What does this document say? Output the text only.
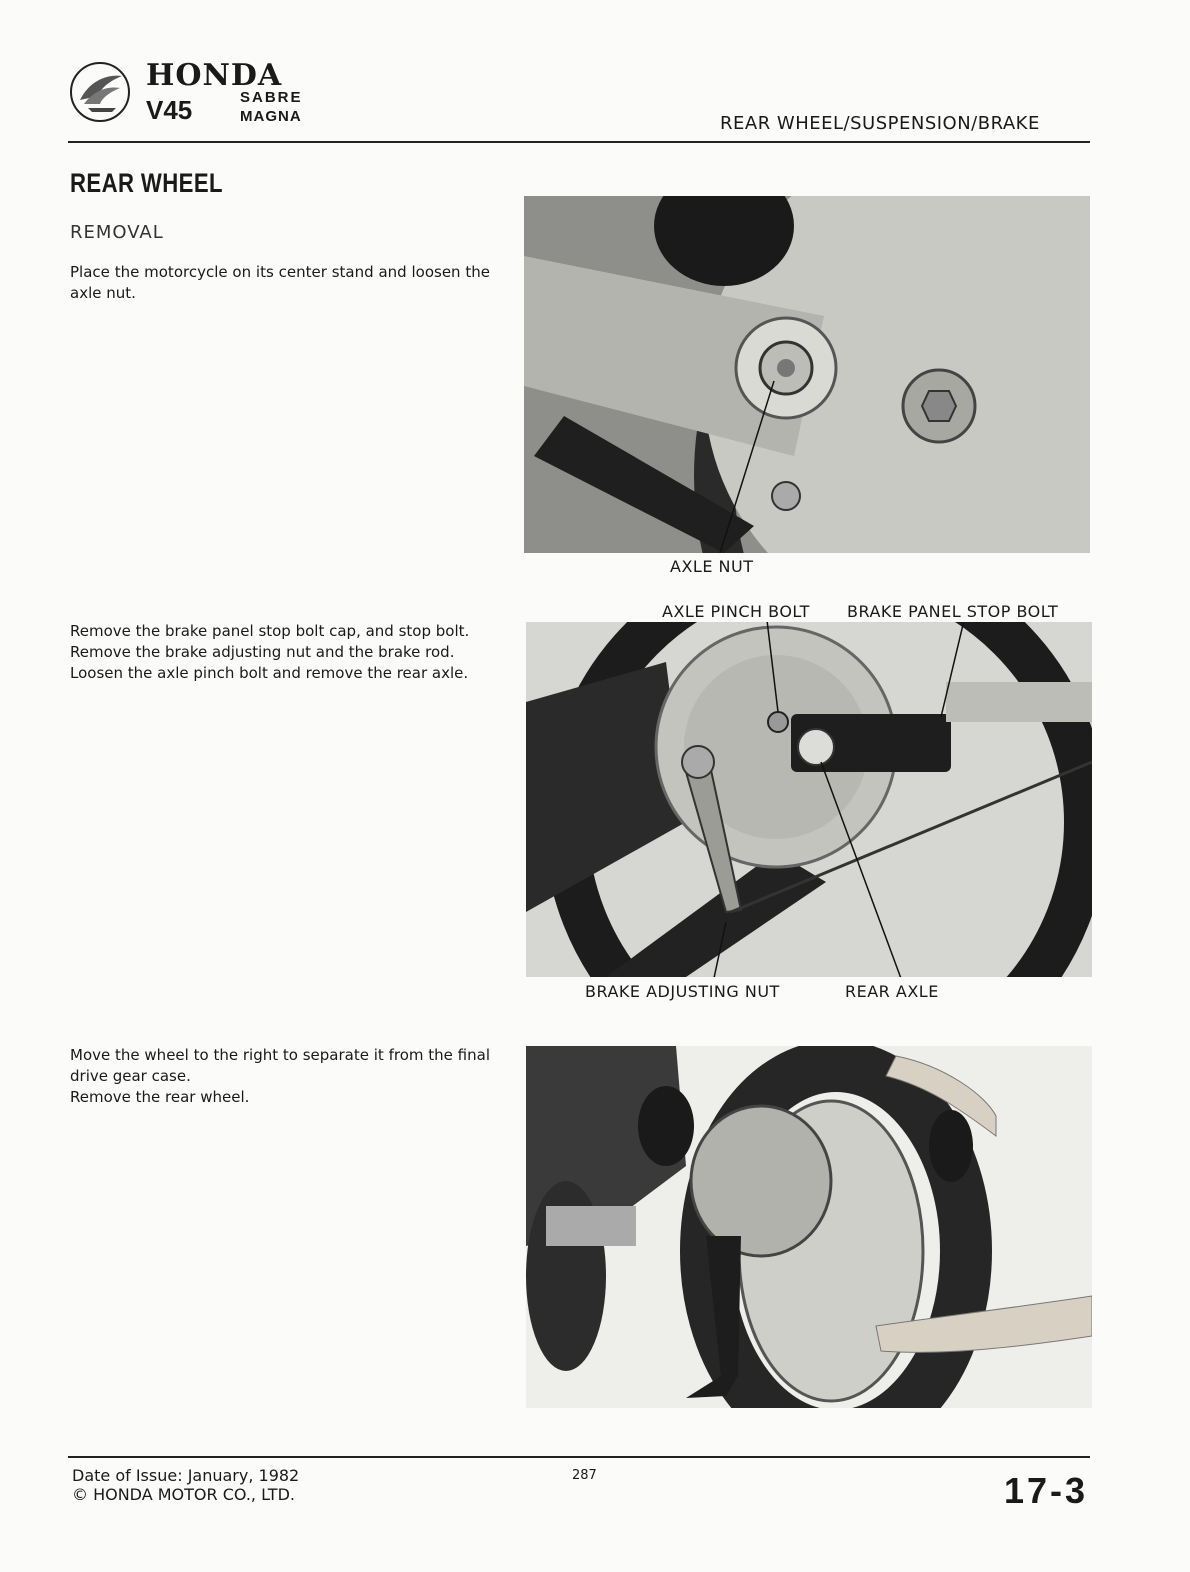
HONDA
V45	SABRE
MAGNA	REAR WHEEL/SUSPENSION/BRAKE
REAR WHEEL
REMOVAL

Place the motorcycle on its center stand and loosen the axle nut.

Remove the brake panel stop bolt cap, and stop bolt.

Remove the brake adjusting nut and the brake rod.

Loosen the axle pinch bolt and remove the rear axle.

Move the wheel to the right to separate it from the final drive gear case.

Remove the rear wheel.

AXLE NUT
AXLE PINCH BOLT BRAKE PANEL STOP BOLT
BRAKE ADJUSTING NUT	REAR AXLE

Date of Issue: January, 1982

© HONDA MOTOR CO., LTD.

287	17-3
